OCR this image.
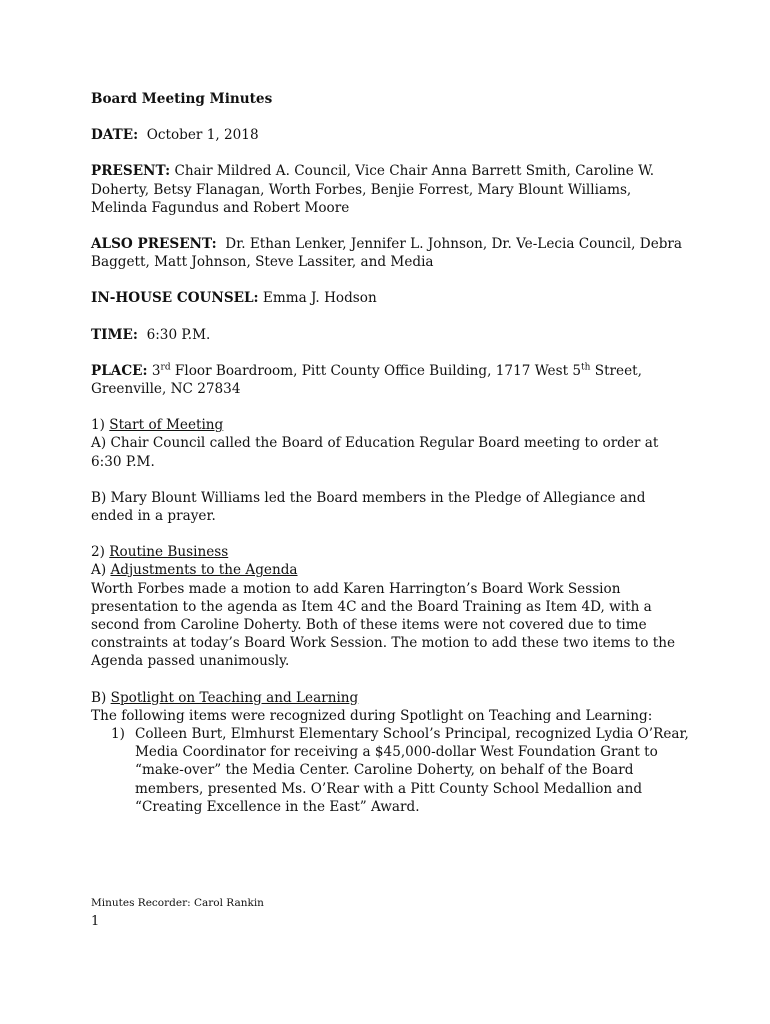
Board Meeting Minutes

DATE: October 1, 2018

PRESENT: Chair Mildred A. Council, Vice Chair Anna Barrett Smith, Caroline W. Doherty, Betsy Flanagan, Worth Forbes, Benjie Forrest, Mary Blount Williams, Melinda Fagundus and Robert Moore

ALSO PRESENT: Dr. Ethan Lenker, Jennifer L. Johnson, Dr. Ve-Lecia Council, Debra Baggett, Matt Johnson, Steve Lassiter, and Media

IN-HOUSE COUNSEL: Emma J. Hodson

TIME: 6:30 P.M.

PLACE: 3rd Floor Boardroom, Pitt County Office Building, 1717 West 5th Street, Greenville, NC 27834

1) Start of Meeting

A) Chair Council called the Board of Education Regular Board meeting to order at 6:30 P.M.

B) Mary Blount Williams led the Board members in the Pledge of Allegiance and ended in a prayer.

2) Routine Business

A) Adjustments to the Agenda

Worth Forbes made a motion to add Karen Harrington’s Board Work Session presentation to the agenda as Item 4C and the Board Training as Item 4D, with a second from Caroline Doherty. Both of these items were not covered due to time constraints at today’s Board Work Session. The motion to add these two items to the Agenda passed unanimously.

B) Spotlight on Teaching and Learning

The following items were recognized during Spotlight on Teaching and Learning:

1) Colleen Burt, Elmhurst Elementary School’s Principal, recognized Lydia O’Rear, Media Coordinator for receiving a $45,000-dollar West Foundation Grant to “make-over” the Media Center. Caroline Doherty, on behalf of the Board members, presented Ms. O’Rear with a Pitt County School Medallion and “Creating Excellence in the East” Award.
Minutes Recorder: Carol Rankin
1
